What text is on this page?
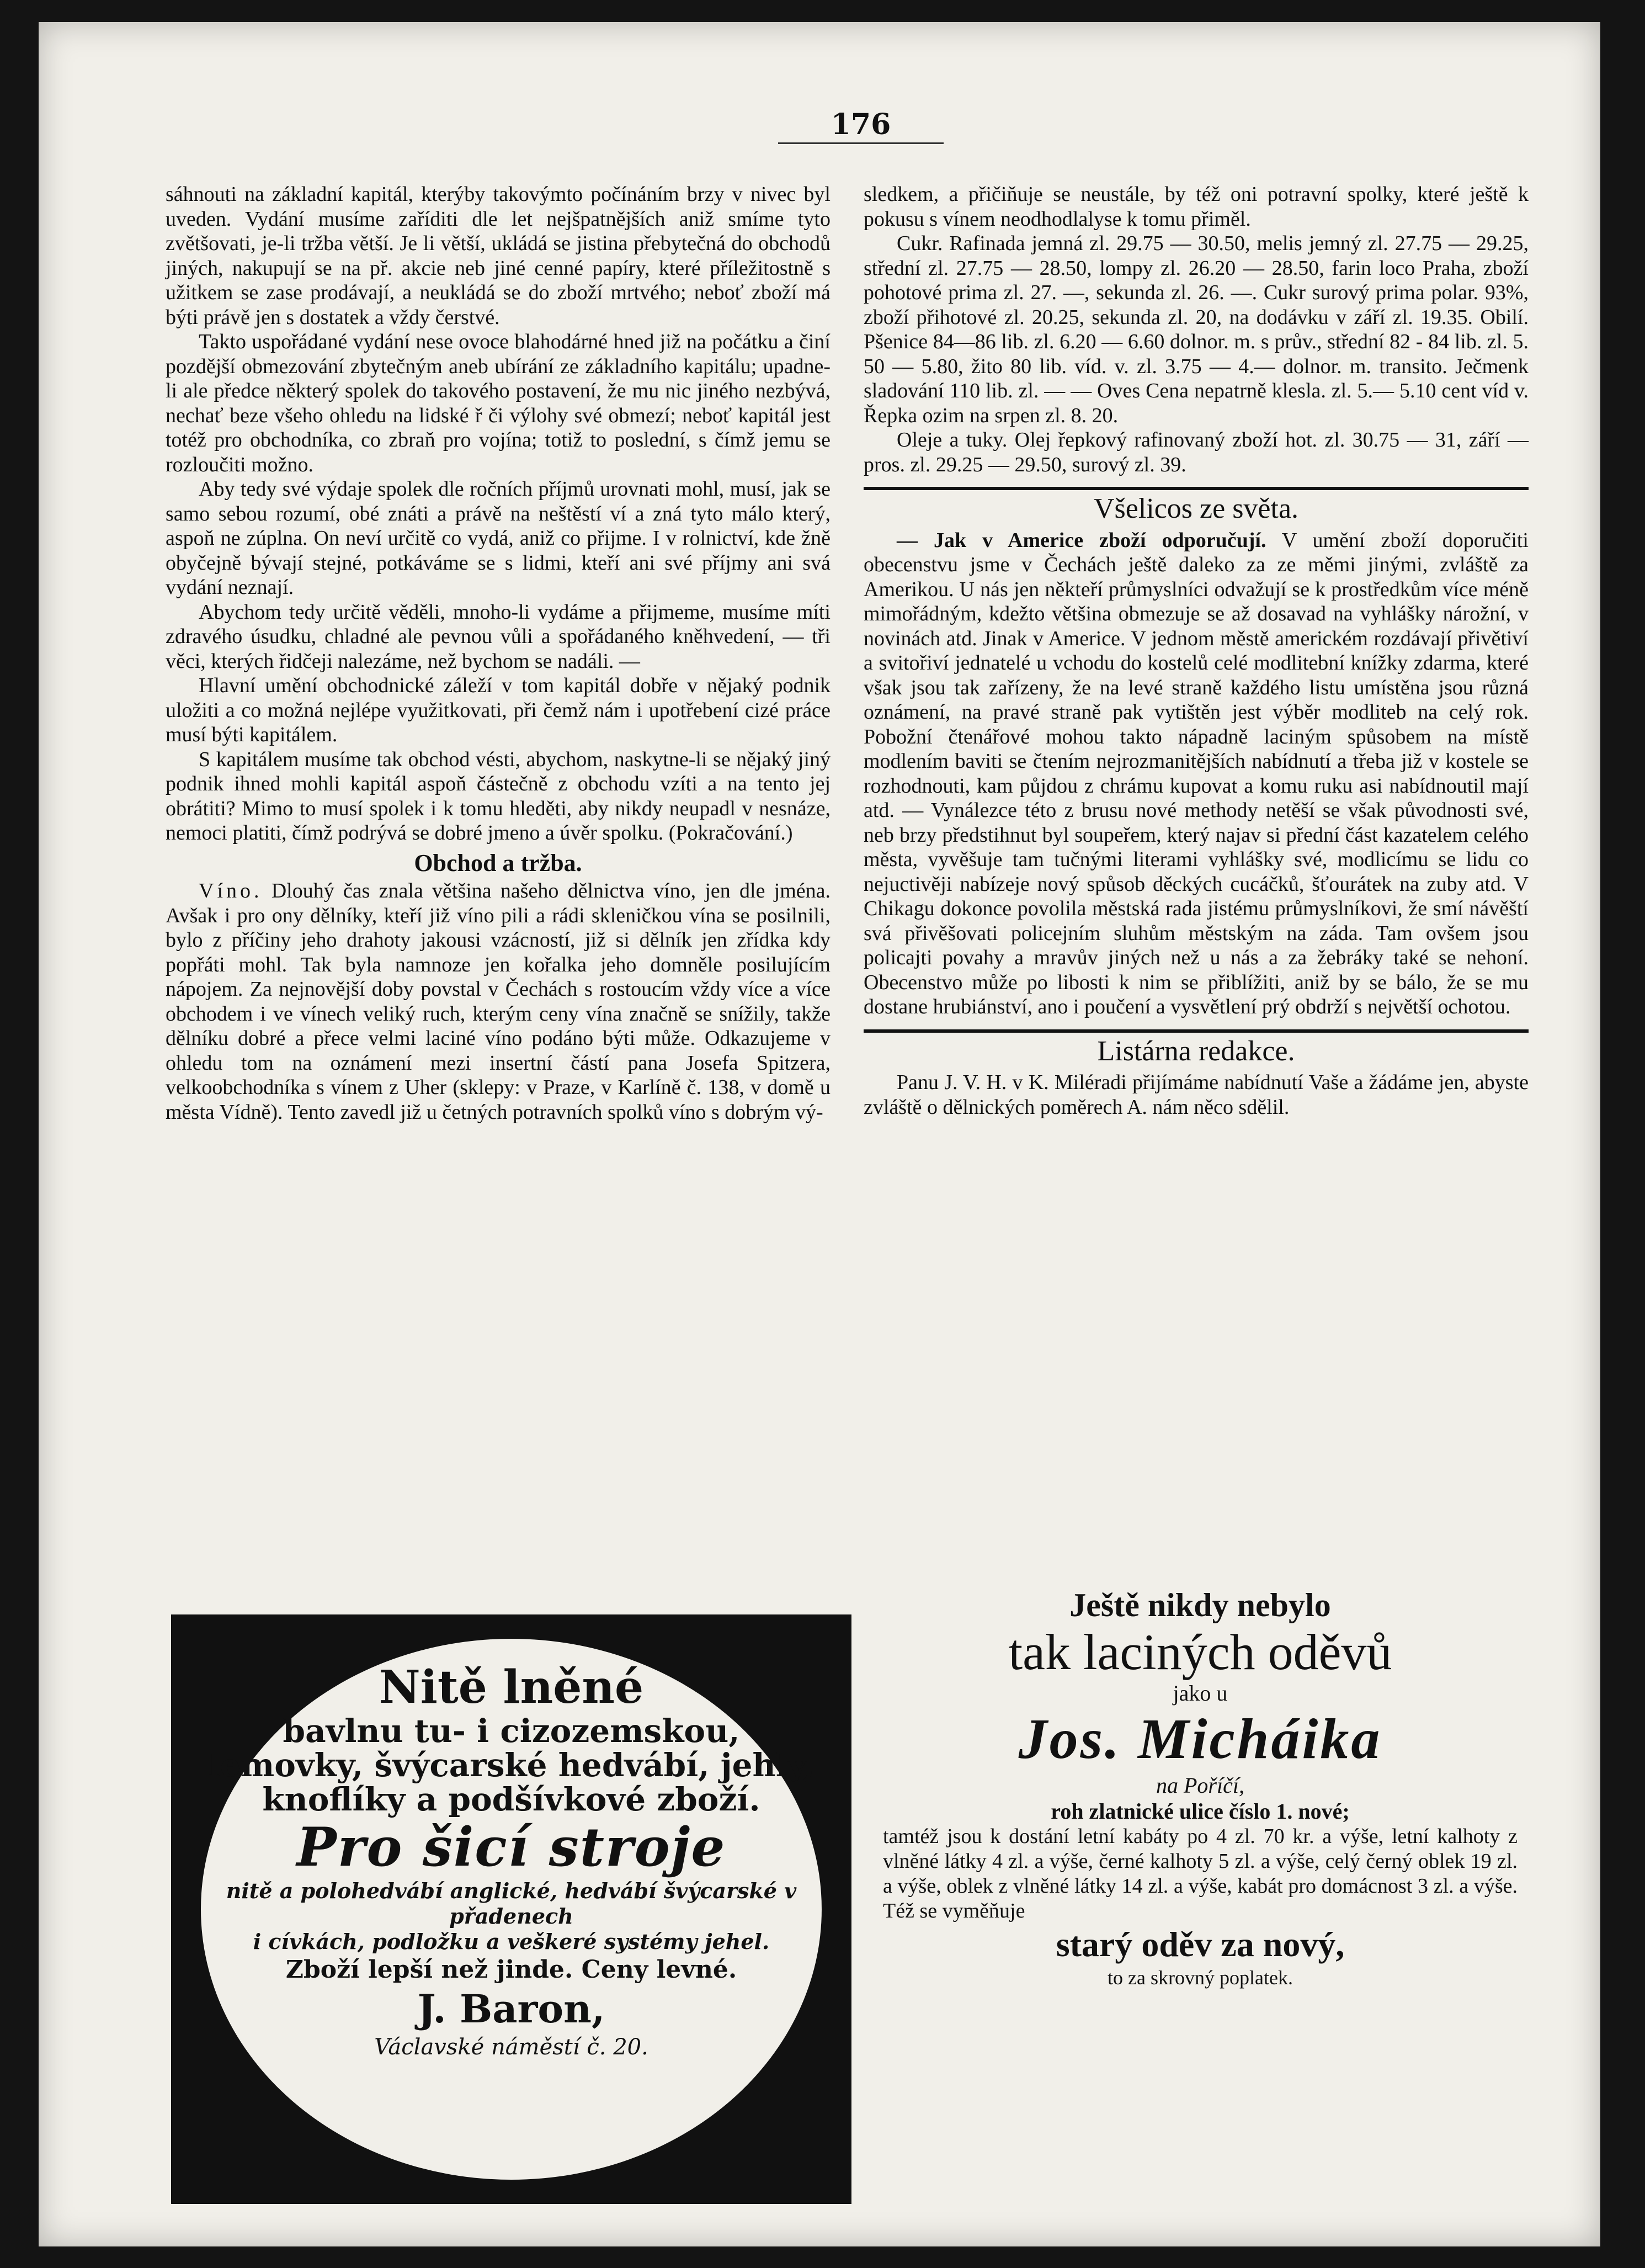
176

sáhnouti na základní kapitál, kterýby takovýmto počínáním brzy v nivec byl uveden. Vydání musíme zaříditi dle let nejšpatnějších aniž smíme tyto zvětšovati, je-li tržba větší. Je li větší, ukládá se jistina přebytečná do obchodů jiných, nakupují se na př. akcie neb jiné cenné papíry, které příležitostně s užitkem se zase prodávají, a neukládá se do zboží mrtvého; neboť zboží má býti právě jen s dostatek a vždy čerstvé.

Takto uspořádané vydání nese ovoce blahodárné hned již na počátku a činí pozdější obmezování zbytečným aneb ubírání ze základního kapitálu; upadne-li ale předce některý spolek do takového postavení, že mu nic jiného nezbývá, nechať beze všeho ohledu na lidské ř či výlohy své obmezí; neboť kapitál jest totéž pro obchodníka, co zbraň pro vojína; totiž to poslední, s čímž jemu se rozloučiti možno.

Aby tedy své výdaje spolek dle ročních příjmů urovnati mohl, musí, jak se samo sebou rozumí, obé znáti a právě na neštěstí ví a zná tyto málo který, aspoň ne zúplna. On neví určitě co vydá, aniž co přijme. I v rolnictví, kde žně obyčejně bývají stejné, potkáváme se s lidmi, kteří ani své příjmy ani svá vydání neznají.

Abychom tedy určitě věděli, mnoho-li vydáme a přijmeme, musíme míti zdravého úsudku, chladné ale pevnou vůli a spořádaného kněhvedení, — tři věci, kterých řidčeji nalezáme, než bychom se nadáli. —

Hlavní umění obchodnické záleží v tom kapitál dobře v nějaký podnik uložiti a co možná nejlépe využitkovati, při čemž nám i upotřebení cizé práce musí býti kapitálem.

S kapitálem musíme tak obchod vésti, abychom, naskytne-li se nějaký jiný podnik ihned mohli kapitál aspoň částečně z obchodu vzíti a na tento jej obrátiti? Mimo to musí spolek i k tomu hleděti, aby nikdy neupadl v nesnáze, nemoci platiti, čímž podrývá se dobré jmeno a úvěr spolku. (Pokračování.)

Obchod a tržba.

Víno. Dlouhý čas znala většina našeho dělnictva víno, jen dle jména. Avšak i pro ony dělníky, kteří již víno pili a rádi skleničkou vína se posilnili, bylo z příčiny jeho drahoty jakousi vzácností, již si dělník jen zřídka kdy popřáti mohl. Tak byla namnoze jen kořalka jeho domněle posilujícím nápojem. Za nejnovější doby povstal v Čechách s rostoucím vždy více a více obchodem i ve vínech veliký ruch, kterým ceny vína značně se snížily, takže dělníku dobré a přece velmi laciné víno podáno býti může. Odkazujeme v ohledu tom na oznámení mezi insertní částí pana Josefa Spitzera, velkoobchodníka s vínem z Uher (sklepy: v Praze, v Karlíně č. 138, v domě u města Vídně). Tento zavedl již u četných potravních spolků víno s dobrým vý-

sledkem, a přičiňuje se neustále, by též oni potravní spolky, které ještě k pokusu s vínem neodhodlalyse k tomu přiměl.

Cukr. Rafinada jemná zl. 29.75 — 30.50, melis jemný zl. 27.75 — 29.25, střední zl. 27.75 — 28.50, lompy zl. 26.20 — 28.50, farin loco Praha, zboží pohotové prima zl. 27. —, sekunda zl. 26. —. Cukr surový prima polar. 93%, zboží přihotové zl. 20.25, sekunda zl. 20, na dodávku v září zl. 19.35. Obilí. Pšenice 84—86 lib. zl. 6.20 — 6.60 dolnor. m. s prův., střední 82 - 84 lib. zl. 5. 50 — 5.80, žito 80 lib. víd. v. zl. 3.75 — 4.— dolnor. m. transito. Ječmenk sladování 110 lib. zl. — — Oves Cena nepatrně klesla. zl. 5.— 5.10 cent víd v. Řepka ozim na srpen zl. 8. 20.

Oleje a tuky. Olej řepkový rafinovaný zboží hot. zl. 30.75 — 31, září — pros. zl. 29.25 — 29.50, surový zl. 39.

Všelicos ze světa.

— Jak v Americe zboží odporučují. V umění zboží doporučiti obecenstvu jsme v Čechách ještě daleko za ze měmi jinými, zvláště za Amerikou. U nás jen někteří průmyslníci odvažují se k prostředkům více méně mimořádným, kdežto většina obmezuje se až dosavad na vyhlášky nárožní, v novinách atd. Jinak v Americe. V jednom městě americkém rozdávají přivětiví a svitořiví jednatelé u vchodu do kostelů celé modlitební knížky zdarma, které však jsou tak zařízeny, že na levé straně každého listu umístěna jsou různá oznámení, na pravé straně pak vytištěn jest výběr modliteb na celý rok. Pobožní čtenářové mohou takto nápadně laciným spůsobem na místě modlením baviti se čtením nejrozmanitějších nabídnutí a třeba již v kostele se rozhodnouti, kam půjdou z chrámu kupovat a komu ruku asi nabídnoutil mají atd. — Vynálezce této z brusu nové methody netěší se však původnosti své, neb brzy předstihnut byl soupeřem, který najav si přední část kazatelem celého města, vyvěšuje tam tučnými literami vyhlášky své, modlicímu se lidu co nejuctivěji nabízeje nový spůsob děckých cucáčků, šťourátek na zuby atd. V Chikagu dokonce povolila městská rada jistému průmyslníkovi, že smí návěští svá přivěšovati policejním sluhům městským na záda. Tam ovšem jsou policajti povahy a mravův jiných než u nás a za žebráky také se nehoní. Obecenstvo může po libosti k nim se přiblížiti, aniž by se bálo, že se mu dostane hrubiánství, ano i poučení a vysvětlení prý obdrží s největší ochotou.

Listárna redakce.

Panu J. V. H. v K. Miléradi přijímáme nabídnutí Vaše a žádáme jen, abyste zvláště o dělnických poměrech A. nám něco sdělil.

Nitě lněné
bavlnu tu- i cizozemskou,
lemovky, švýcarské hedvábí, jehly,
knoflíky a podšívkové zboží.
Pro šicí stroje
nitě a polohedvábí anglické, hedvábí švýcarské v přadenech
i cívkách, podložku a veškeré systémy jehel.
Zboží lepší než jinde. Ceny levné.
J. Baron,
Václavské náměstí č. 20.
Ještě nikdy nebylo
tak laciných oděvů
jako u
Jos. Micháika
na Poříčí,
roh zlatnické ulice číslo 1. nové;
tamtéž jsou k dostání letní kabáty po 4 zl. 70 kr. a výše, letní kalhoty z vlněné látky 4 zl. a výše, černé kalhoty 5 zl. a výše, celý černý oblek 19 zl. a výše, oblek z vlněné látky 14 zl. a výše, kabát pro domácnost 3 zl. a výše. Též se vyměňuje
starý oděv za nový,
to za skrovný poplatek.
